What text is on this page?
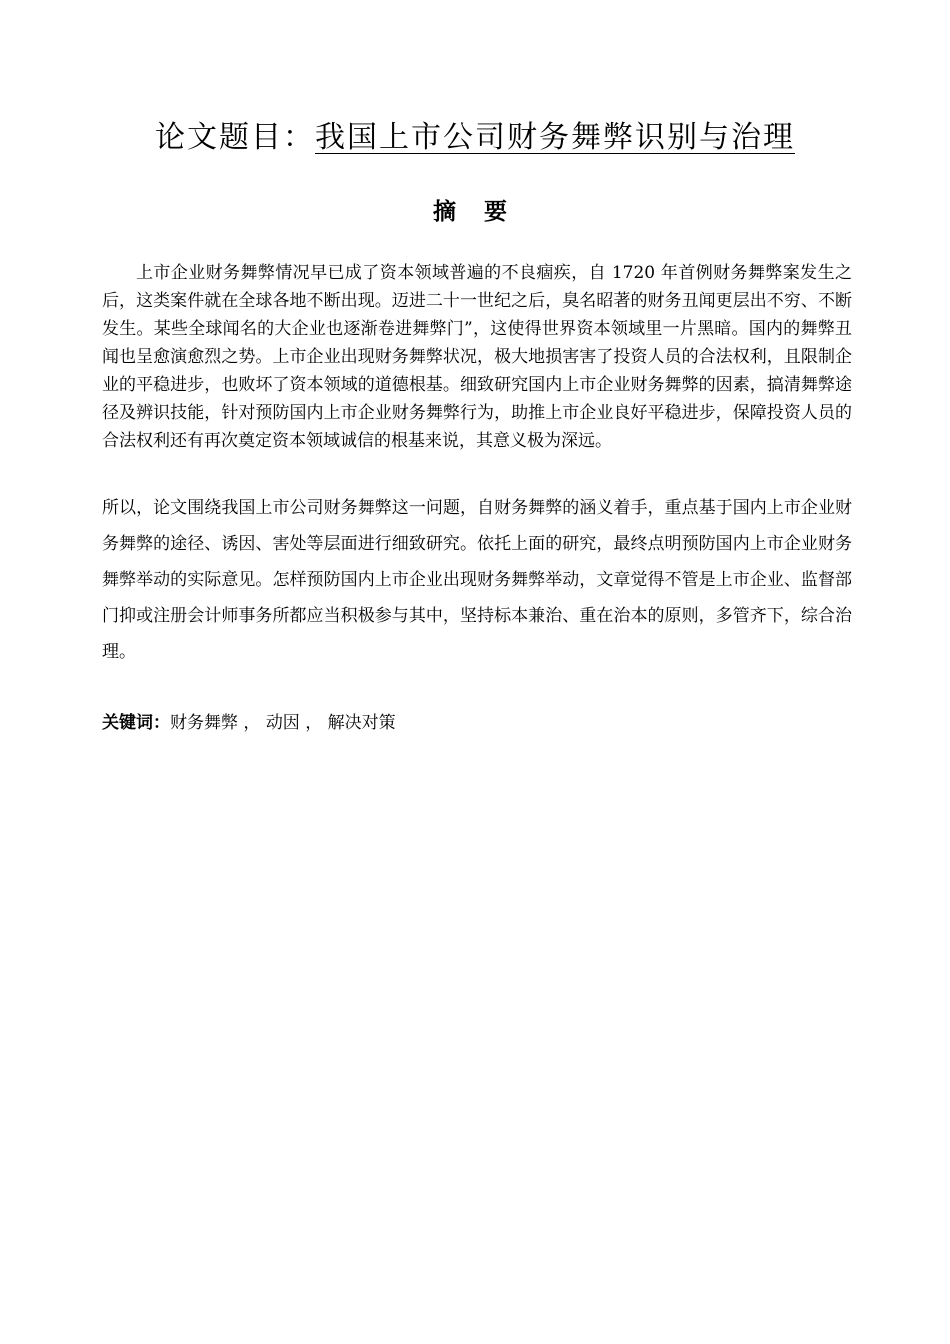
论文题目：我国上市公司财务舞弊识别与治理
摘 要

上市企业财务舞弊情况早已成了资本领域普遍的不良痼疾，自 1720 年首例财务舞弊案发生之后，这类案件就在全球各地不断出现。迈进二十一世纪之后，臭名昭著的财务丑闻更层出不穷、不断发生。某些全球闻名的大企业也逐渐卷进舞弊门”，这使得世界资本领域里一片黑暗。国内的舞弊丑闻也呈愈演愈烈之势。上市企业出现财务舞弊状况，极大地损害害了投资人员的合法权利，且限制企业的平稳进步，也败坏了资本领域的道德根基。细致研究国内上市企业财务舞弊的因素，搞清舞弊途径及辨识技能，针对预防国内上市企业财务舞弊行为，助推上市企业良好平稳进步，保障投资人员的合法权利还有再次奠定资本领域诚信的根基来说，其意义极为深远。

所以，论文围绕我国上市公司财务舞弊这一问题，自财务舞弊的涵义着手，重点基于国内上市企业财务舞弊的途径、诱因、害处等层面进行细致研究。依托上面的研究，最终点明预防国内上市企业财务舞弊举动的实际意见。怎样预防国内上市企业出现财务舞弊举动，文章觉得不管是上市企业、监督部门抑或注册会计师事务所都应当积极参与其中，坚持标本兼治、重在治本的原则，多管齐下，综合治理。

关键词：财务舞弊 ， 动因 ， 解决对策
